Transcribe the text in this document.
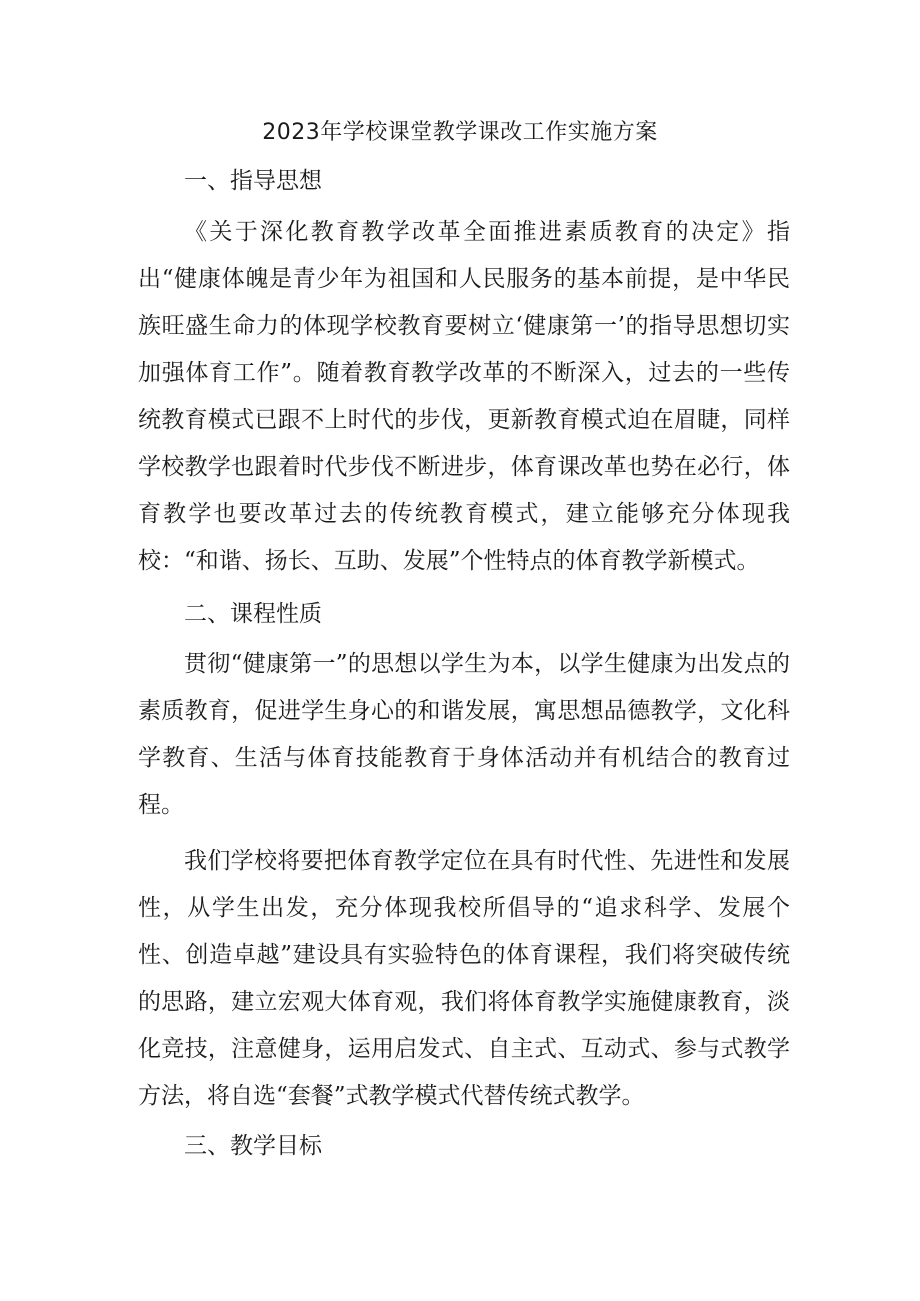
2023年学校课堂教学课改工作实施方案
一、指导思想

《关于深化教育教学改革全面推进素质教育的决定》指出“健康体魄是青少年为祖国和人民服务的基本前提，是中华民族旺盛生命力的体现学校教育要树立‘健康第一’的指导思想切实加强体育工作”。随着教育教学改革的不断深入，过去的一些传统教育模式已跟不上时代的步伐，更新教育模式迫在眉睫，同样学校教学也跟着时代步伐不断进步，体育课改革也势在必行，体育教学也要改革过去的传统教育模式，建立能够充分体现我校：“和谐、扬长、互助、发展”个性特点的体育教学新模式。

二、课程性质

贯彻“健康第一”的思想以学生为本，以学生健康为出发点的素质教育，促进学生身心的和谐发展，寓思想品德教学，文化科学教育、生活与体育技能教育于身体活动并有机结合的教育过程。

我们学校将要把体育教学定位在具有时代性、先进性和发展性，从学生出发，充分体现我校所倡导的“追求科学、发展个性、创造卓越”建设具有实验特色的体育课程，我们将突破传统的思路，建立宏观大体育观，我们将体育教学实施健康教育，淡化竞技，注意健身，运用启发式、自主式、互动式、参与式教学方法，将自选“套餐”式教学模式代替传统式教学。

三、教学目标
